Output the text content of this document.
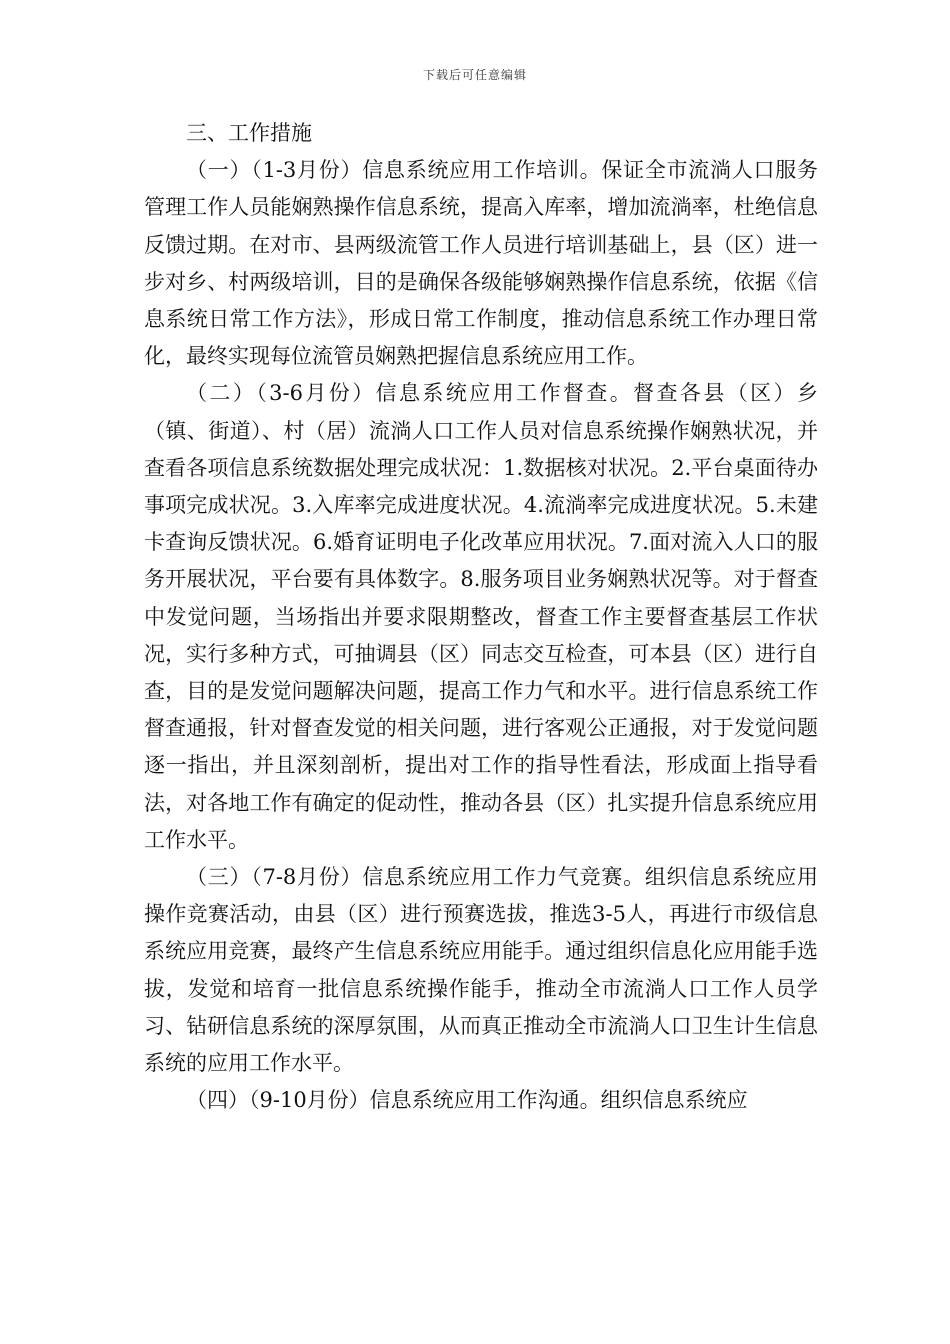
下载后可任意编辑

三、工作措施

（一）（1-3月份）信息系统应用工作培训。保证全市流淌人口服务管理工作人员能娴熟操作信息系统，提高入库率，增加流淌率，杜绝信息反馈过期。在对市、县两级流管工作人员进行培训基础上，县（区）进一步对乡、村两级培训，目的是确保各级能够娴熟操作信息系统，依据《信息系统日常工作方法》，形成日常工作制度，推动信息系统工作办理日常化，最终实现每位流管员娴熟把握信息系统应用工作。

（二）（3-6月份）信息系统应用工作督查。督查各县（区）乡（镇、街道）、村（居）流淌人口工作人员对信息系统操作娴熟状况，并查看各项信息系统数据处理完成状况：1.数据核对状况。2.平台桌面待办事项完成状况。3.入库率完成进度状况。4.流淌率完成进度状况。5.未建卡查询反馈状况。6.婚育证明电子化改革应用状况。7.面对流入人口的服务开展状况，平台要有具体数字。8.服务项目业务娴熟状况等。对于督查中发觉问题，当场指出并要求限期整改，督查工作主要督查基层工作状况，实行多种方式，可抽调县（区）同志交互检查，可本县（区）进行自查，目的是发觉问题解决问题，提高工作力气和水平。进行信息系统工作督查通报，针对督查发觉的相关问题，进行客观公正通报，对于发觉问题逐一指出，并且深刻剖析，提出对工作的指导性看法，形成面上指导看法，对各地工作有确定的促动性，推动各县（区）扎实提升信息系统应用工作水平。

（三）（7-8月份）信息系统应用工作力气竞赛。组织信息系统应用操作竞赛活动，由县（区）进行预赛选拔，推选3-5人，再进行市级信息系统应用竞赛，最终产生信息系统应用能手。通过组织信息化应用能手选拔，发觉和培育一批信息系统操作能手，推动全市流淌人口工作人员学习、钻研信息系统的深厚氛围，从而真正推动全市流淌人口卫生计生信息系统的应用工作水平。

（四）（9-10月份）信息系统应用工作沟通。组织信息系统应
